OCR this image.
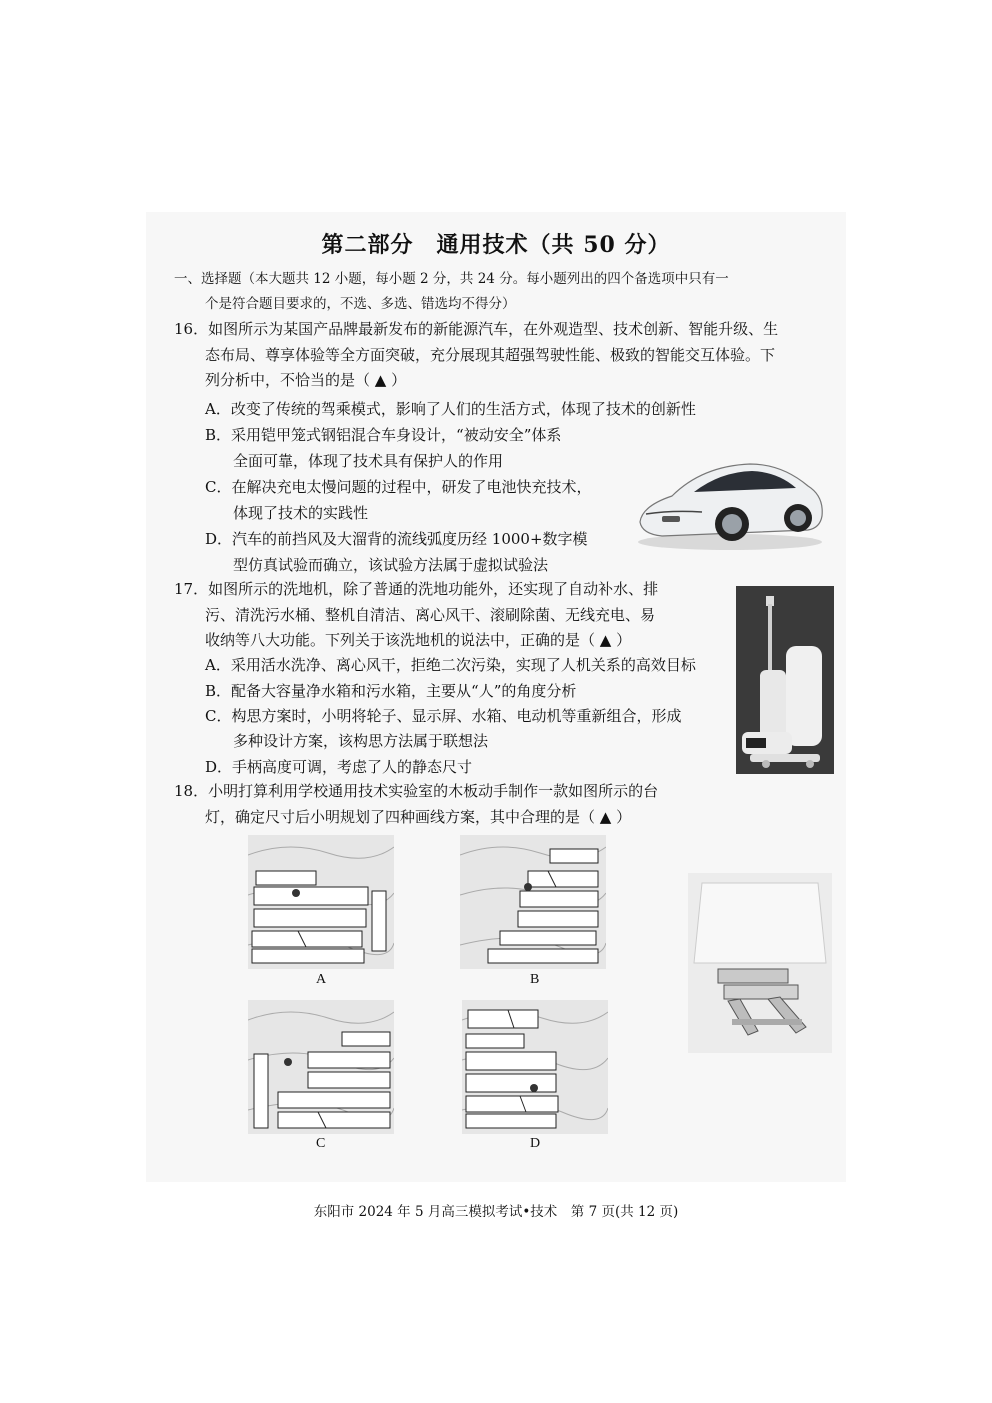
第二部分　通用技术（共 50 分）
一、选择题（本大题共 12 小题，每小题 2 分，共 24 分。每小题列出的四个备选项中只有一
个是符合题目要求的，不选、多选、错选均不得分）
16．如图所示为某国产品牌最新发布的新能源汽车，在外观造型、技术创新、智能升级、生
态布局、尊享体验等全方面突破，充分展现其超强驾驶性能、极致的智能交互体验。下
列分析中，不恰当的是（ ▲ ）
A．改变了传统的驾乘模式，影响了人们的生活方式，体现了技术的创新性
B．采用铠甲笼式钢铝混合车身设计，“被动安全”体系
全面可靠，体现了技术具有保护人的作用
C．在解决充电太慢问题的过程中，研发了电池快充技术，
体现了技术的实践性
D．汽车的前挡风及大溜背的流线弧度历经 1000+数字模
型仿真试验而确立，该试验方法属于虚拟试验法
17．如图所示的洗地机，除了普通的洗地功能外，还实现了自动补水、排
污、清洗污水桶、整机自清洁、离心风干、滚刷除菌、无线充电、易
收纳等八大功能。下列关于该洗地机的说法中，正确的是（ ▲ ）
A．采用活水洗净、离心风干，拒绝二次污染，实现了人机关系的高效目标
B．配备大容量净水箱和污水箱，主要从“人”的角度分析
C．构思方案时，小明将轮子、显示屏、水箱、电动机等重新组合，形成
多种设计方案，该构思方法属于联想法
D．手柄高度可调，考虑了人的静态尺寸
18．小明打算利用学校通用技术实验室的木板动手制作一款如图所示的台
灯，确定尺寸后小明规划了四种画线方案，其中合理的是（ ▲ ）
A	B
C	D
东阳市 2024 年 5 月高三模拟考试•技术　第 7 页(共 12 页)
